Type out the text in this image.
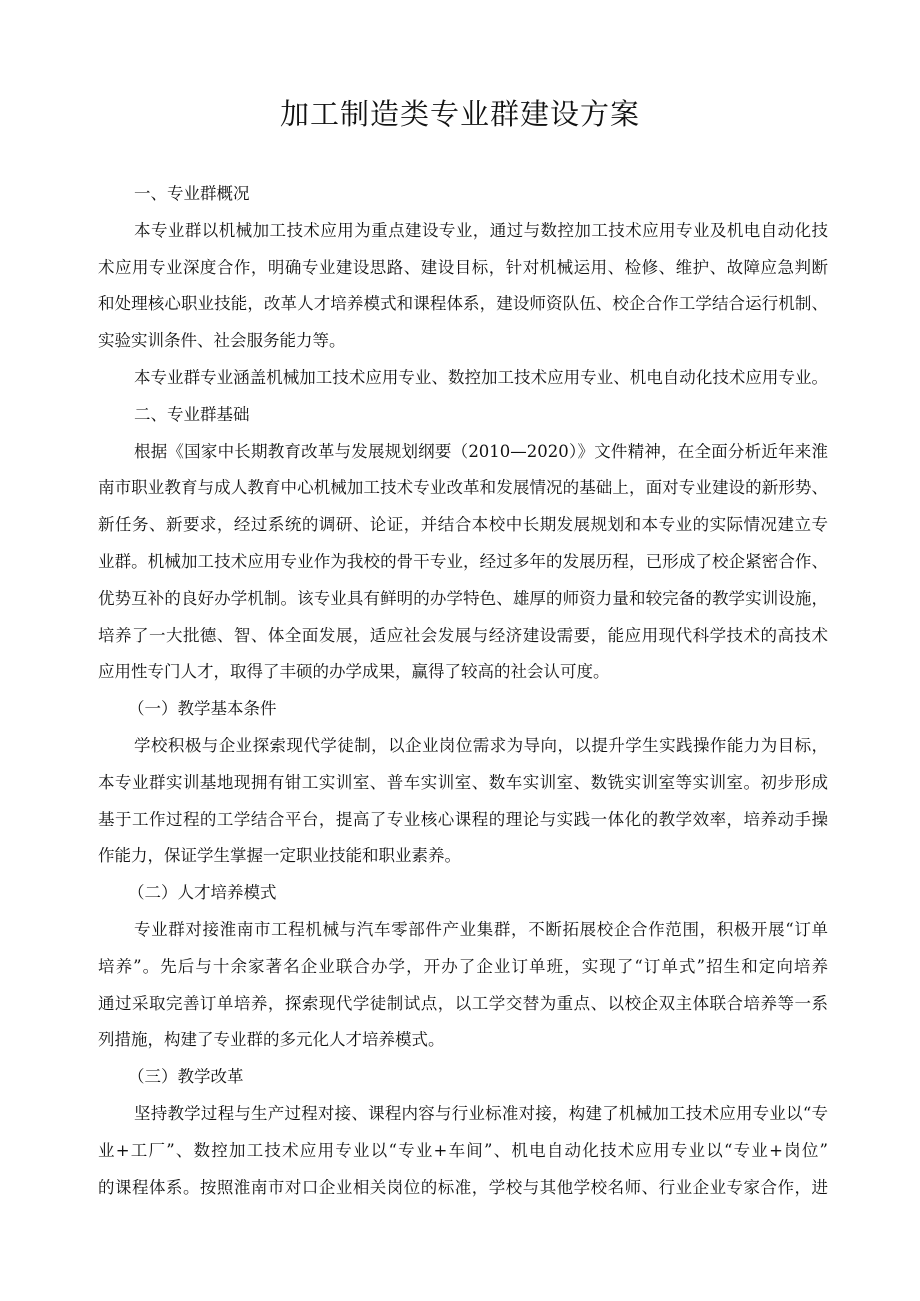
加工制造类专业群建设方案
一、专业群概况
本专业群以机械加工技术应用为重点建设专业，通过与数控加工技术应用专业及机电自动化技
术应用专业深度合作，明确专业建设思路、建设目标，针对机械运用、检修、维护、故障应急判断
和处理核心职业技能，改革人才培养模式和课程体系，建设师资队伍、校企合作工学结合运行机制、
实验实训条件、社会服务能力等。
本专业群专业涵盖机械加工技术应用专业、数控加工技术应用专业、机电自动化技术应用专业。
二、专业群基础
根据《国家中长期教育改革与发展规划纲要（2010—2020）》文件精神，在全面分析近年来淮
南市职业教育与成人教育中心机械加工技术专业改革和发展情况的基础上，面对专业建设的新形势、
新任务、新要求，经过系统的调研、论证，并结合本校中长期发展规划和本专业的实际情况建立专
业群。机械加工技术应用专业作为我校的骨干专业，经过多年的发展历程，已形成了校企紧密合作、
优势互补的良好办学机制。该专业具有鲜明的办学特色、雄厚的师资力量和较完备的教学实训设施，
培养了一大批德、智、体全面发展，适应社会发展与经济建设需要，能应用现代科学技术的高技术
应用性专门人才，取得了丰硕的办学成果，赢得了较高的社会认可度。
（一）教学基本条件
学校积极与企业探索现代学徒制，以企业岗位需求为导向，以提升学生实践操作能力为目标，
本专业群实训基地现拥有钳工实训室、普车实训室、数车实训室、数铣实训室等实训室。初步形成
基于工作过程的工学结合平台，提高了专业核心课程的理论与实践一体化的教学效率，培养动手操
作能力，保证学生掌握一定职业技能和职业素养。
（二）人才培养模式
专业群对接淮南市工程机械与汽车零部件产业集群，不断拓展校企合作范围，积极开展“订单
培养”。先后与十余家著名企业联合办学，开办了企业订单班，实现了“订单式”招生和定向培养
通过采取完善订单培养，探索现代学徒制试点，以工学交替为重点、以校企双主体联合培养等一系
列措施，构建了专业群的多元化人才培养模式。
（三）教学改革
坚持教学过程与生产过程对接、课程内容与行业标准对接，构建了机械加工技术应用专业以“专
业+工厂”、数控加工技术应用专业以“专业+车间”、机电自动化技术应用专业以“专业+岗位”
的课程体系。按照淮南市对口企业相关岗位的标准，学校与其他学校名师、行业企业专家合作，进
